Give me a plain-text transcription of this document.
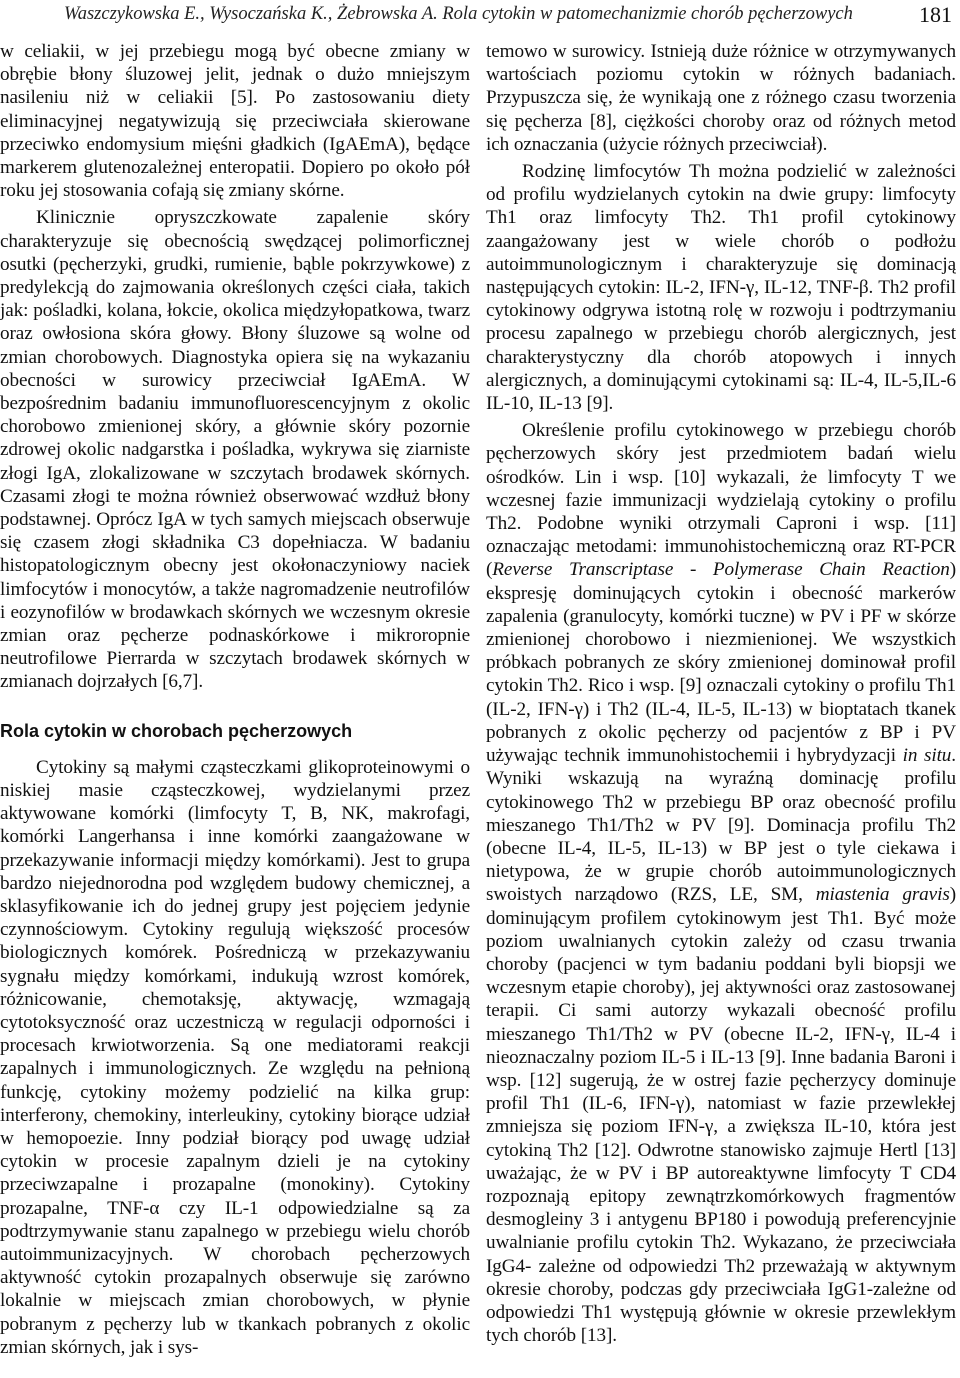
Waszczykowska E., Wysoczańska K., Żebrowska A. Rola cytokin w patomechanizmie chorób pęcherzowych	181

w celiakii, w jej przebiegu mogą być obecne zmiany w obrębie błony śluzowej jelit, jednak o dużo mniejszym nasileniu niż w celiakii [5]. Po zastosowaniu diety eliminacyjnej negatywizują się przeciwciała skierowane przeciwko endomysium mięśni gładkich (IgAEmA), będące markerem glutenozależnej enteropatii. Dopiero po około pół roku jej stosowania cofają się zmiany skórne.

Klinicznie opryszczkowate zapalenie skóry charakteryzuje się obecnością swędzącej polimorficznej osutki (pęcherzyki, grudki, rumienie, bąble pokrzywkowe) z predylekcją do zajmowania określonych części ciała, takich jak: pośladki, kolana, łokcie, okolica międzyłopatkowa, twarz oraz owłosiona skóra głowy. Błony śluzowe są wolne od zmian chorobowych. Diagnostyka opiera się na wykazaniu obecności w surowicy przeciwciał IgAEmA. W bezpośrednim badaniu immunofluorescencyjnym z okolic chorobowo zmienionej skóry, a głównie skóry pozornie zdrowej okolic nadgarstka i pośladka, wykrywa się ziarniste złogi IgA, zlokalizowane w szczytach brodawek skórnych. Czasami złogi te można również obserwować wzdłuż błony podstawnej. Oprócz IgA w tych samych miejscach obserwuje się czasem złogi składnika C3 dopełniacza. W badaniu histopatologicznym obecny jest okołonaczyniowy naciek limfocytów i monocytów, a także nagromadzenie neutrofilów i eozynofilów w brodawkach skórnych we wczesnym okresie zmian oraz pęcherze podnaskórkowe i mikroropnie neutrofilowe Pierrarda w szczytach brodawek skórnych w zmianach dojrzałych [6,7].

Rola cytokin w chorobach pęcherzowych

Cytokiny są małymi cząsteczkami glikoproteinowymi o niskiej masie cząsteczkowej, wydzielanymi przez aktywowane komórki (limfocyty T, B, NK, makrofagi, komórki Langerhansa i inne komórki zaangażowane w przekazywanie informacji między komórkami). Jest to grupa bardzo niejednorodna pod względem budowy chemicznej, a sklasyfikowanie ich do jednej grupy jest pojęciem jedynie czynnościowym. Cytokiny regulują większość procesów biologicznych komórek. Pośredniczą w przekazywaniu sygnału między komórkami, indukują wzrost komórek, różnicowanie, chemotaksję, aktywację, wzmagają cytotoksyczność oraz uczestniczą w regulacji odporności i procesach krwiotworzenia. Są one mediatorami reakcji zapalnych i immunologicznych. Ze względu na pełnioną funkcję, cytokiny możemy podzielić na kilka grup: interferony, chemokiny, interleukiny, cytokiny biorące udział w hemopoezie. Inny podział biorący pod uwagę udział cytokin w procesie zapalnym dzieli je na cytokiny przeciwzapalne i prozapalne (monokiny). Cytokiny prozapalne, TNF-α czy IL-1 odpowiedzialne są za podtrzymywanie stanu zapalnego w przebiegu wielu chorób autoimmunizacyjnych. W chorobach pęcherzowych aktywność cytokin prozapalnych obserwuje się zarówno lokalnie w miejscach zmian chorobowych, w płynie pobranym z pęcherzy lub w tkankach pobranych z okolic zmian skórnych, jak i sys-

temowo w surowicy. Istnieją duże różnice w otrzymywanych wartościach poziomu cytokin w różnych badaniach. Przypuszcza się, że wynikają one z różnego czasu tworzenia się pęcherza [8], ciężkości choroby oraz od różnych metod ich oznaczania (użycie różnych przeciwciał).

Rodzinę limfocytów Th można podzielić w zależności od profilu wydzielanych cytokin na dwie grupy: limfocyty Th1 oraz limfocyty Th2. Th1 profil cytokinowy zaangażowany jest w wiele chorób o podłożu autoimmunologicznym i charakteryzuje się dominacją następujących cytokin: IL-2, IFN-γ, IL-12, TNF-β. Th2 profil cytokinowy odgrywa istotną rolę w rozwoju i podtrzymaniu procesu zapalnego w przebiegu chorób alergicznych, jest charakterystyczny dla chorób atopowych i innych alergicznych, a dominującymi cytokinami są: IL-4, IL-5,IL-6 IL-10, IL-13 [9].

Określenie profilu cytokinowego w przebiegu chorób pęcherzowych skóry jest przedmiotem badań wielu ośrodków. Lin i wsp. [10] wykazali, że limfocyty T we wczesnej fazie immunizacji wydzielają cytokiny o profilu Th2. Podobne wyniki otrzymali Caproni i wsp. [11] oznaczając metodami: immunohistochemiczną oraz RT-PCR (Reverse Transcriptase - Polymerase Chain Reaction) ekspresję dominujących cytokin i obecność markerów zapalenia (granulocyty, komórki tuczne) w PV i PF w skórze zmienionej chorobowo i niezmienionej. We wszystkich próbkach pobranych ze skóry zmienionej dominował profil cytokin Th2. Rico i wsp. [9] oznaczali cytokiny o profilu Th1 (IL-2, IFN-γ) i Th2 (IL-4, IL-5, IL-13) w bioptatach tkanek pobranych z okolic pęcherzy od pacjentów z BP i PV używając technik immunohistochemii i hybrydyzacji in situ. Wyniki wskazują na wyraźną dominację profilu cytokinowego Th2 w przebiegu BP oraz obecność profilu mieszanego Th1/Th2 w PV [9]. Dominacja profilu Th2 (obecne IL-4, IL-5, IL-13) w BP jest o tyle ciekawa i nietypowa, że w grupie chorób autoimmunologicznych swoistych narządowo (RZS, LE, SM, miastenia gravis) dominującym profilem cytokinowym jest Th1. Być może poziom uwalnianych cytokin zależy od czasu trwania choroby (pacjenci w tym badaniu poddani byli biopsji we wczesnym etapie choroby), jej aktywności oraz zastosowanej terapii. Ci sami autorzy wykazali obecność profilu mieszanego Th1/Th2 w PV (obecne IL-2, IFN-γ, IL-4 i nieoznaczalny poziom IL-5 i IL-13 [9]. Inne badania Baroni i wsp. [12] sugerują, że w ostrej fazie pęcherzycy dominuje profil Th1 (IL-6, IFN-γ), natomiast w fazie przewlekłej zmniejsza się poziom IFN-γ, a zwiększa IL-10, która jest cytokiną Th2 [12]. Odwrotne stanowisko zajmuje Hertl [13] uważając, że w PV i BP autoreaktywne limfocyty T CD4 rozpoznają epitopy zewnątrzkomórkowych fragmentów desmogleiny 3 i antygenu BP180 i powodują preferencyjnie uwalnianie profilu cytokin Th2. Wykazano, że przeciwciała IgG4- zależne od odpowiedzi Th2 przeważają w aktywnym okresie choroby, podczas gdy przeciwciała IgG1-zależne od odpowiedzi Th1 występują głównie w okresie przewlekłym tych chorób [13].
